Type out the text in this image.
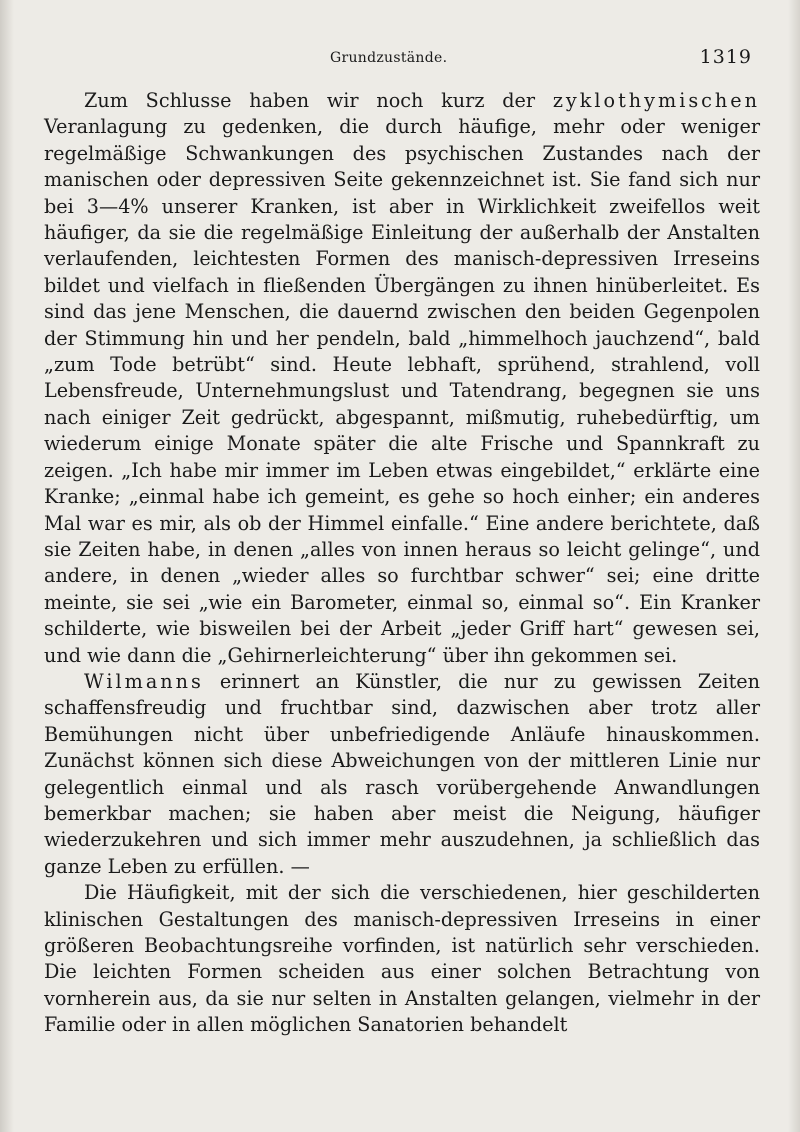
Grundzustände.	1319

Zum Schlusse haben wir noch kurz der zyklothymischen Veranlagung zu gedenken, die durch häufige, mehr oder weniger regelmäßige Schwankungen des psychischen Zustandes nach der manischen oder depressiven Seite gekennzeichnet ist. Sie fand sich nur bei 3—4% unserer Kranken, ist aber in Wirklichkeit zweifellos weit häufiger, da sie die regelmäßige Einleitung der außerhalb der Anstalten verlaufenden, leichtesten Formen des manisch-depressiven Irreseins bildet und vielfach in fließenden Übergängen zu ihnen hinüberleitet. Es sind das jene Menschen, die dauernd zwischen den beiden Gegenpolen der Stimmung hin und her pendeln, bald „himmelhoch jauchzend“, bald „zum Tode betrübt“ sind. Heute lebhaft, sprühend, strahlend, voll Lebensfreude, Unternehmungslust und Tatendrang, begegnen sie uns nach einiger Zeit gedrückt, abgespannt, mißmutig, ruhebedürftig, um wiederum einige Monate später die alte Frische und Spannkraft zu zeigen. „Ich habe mir immer im Leben etwas eingebildet,“ erklärte eine Kranke; „einmal habe ich gemeint, es gehe so hoch einher; ein anderes Mal war es mir, als ob der Himmel einfalle.“ Eine andere berichtete, daß sie Zeiten habe, in denen „alles von innen heraus so leicht gelinge“, und andere, in denen „wieder alles so furchtbar schwer“ sei; eine dritte meinte, sie sei „wie ein Barometer, einmal so, einmal so“. Ein Kranker schilderte, wie bisweilen bei der Arbeit „jeder Griff hart“ gewesen sei, und wie dann die „Gehirnerleichterung“ über ihn gekommen sei.

Wilmanns erinnert an Künstler, die nur zu gewissen Zeiten schaffensfreudig und fruchtbar sind, dazwischen aber trotz aller Bemühungen nicht über unbefriedigende Anläufe hinauskommen. Zunächst können sich diese Abweichungen von der mittleren Linie nur gelegentlich einmal und als rasch vorübergehende Anwandlungen bemerkbar machen; sie haben aber meist die Neigung, häufiger wiederzukehren und sich immer mehr auszudehnen, ja schließlich das ganze Leben zu erfüllen. —

Die Häufigkeit, mit der sich die verschiedenen, hier geschilderten klinischen Gestaltungen des manisch-depressiven Irreseins in einer größeren Beobachtungsreihe vorfinden, ist natürlich sehr verschieden. Die leichten Formen scheiden aus einer solchen Betrachtung von vornherein aus, da sie nur selten in Anstalten gelangen, vielmehr in der Familie oder in allen möglichen Sanatorien behandelt
